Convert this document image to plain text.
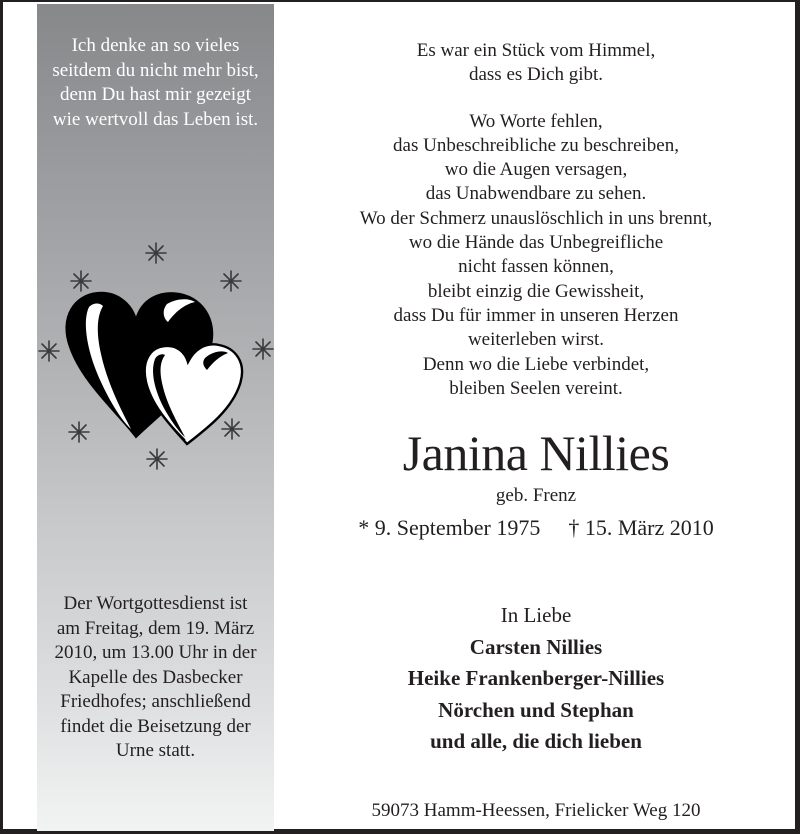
Ich denke an so vieles
seitdem du nicht mehr bist,
denn Du hast mir gezeigt
wie wertvoll das Leben ist.
Der Wortgottesdienst ist
am Freitag, dem 19. März
2010, um 13.00 Uhr in der
Kapelle des Dasbecker
Friedhofes; anschließend
findet die Beisetzung der
Urne statt.
Es war ein Stück vom Himmel,
dass es Dich gibt.
Wo Worte fehlen,
das Unbeschreibliche zu beschreiben,
wo die Augen versagen,
das Unabwendbare zu sehen.
Wo der Schmerz unauslöschlich in uns brennt,
wo die Hände das Unbegreifliche
nicht fassen können,
bleibt einzig die Gewissheit,
dass Du für immer in unseren Herzen
weiterleben wirst.
Denn wo die Liebe verbindet,
bleiben Seelen vereint.
Janina Nillies
geb. Frenz
* 9. September 1975 † 15. März 2010
In Liebe
Carsten Nillies
Heike Frankenberger-Nillies
Nörchen und Stephan
und alle, die dich lieben
59073 Hamm-Heessen, Frielicker Weg 120
